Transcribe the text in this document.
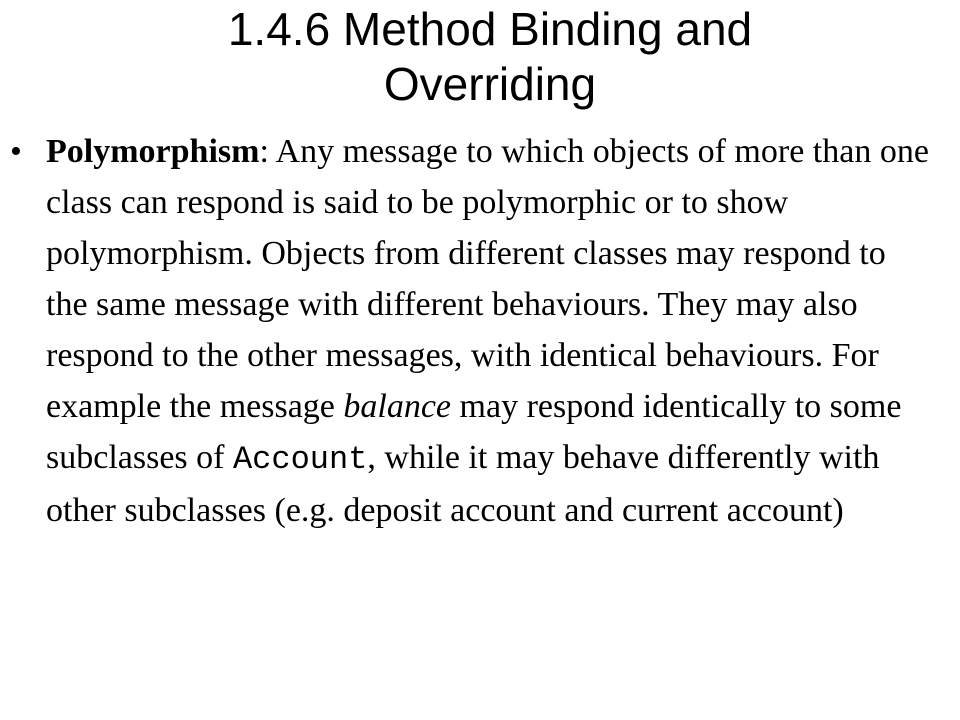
1.4.6 Method Binding and
Overriding
• Polymorphism: Any message to which objects of more than one class can respond is said to be polymorphic or to show polymorphism. Objects from different classes may respond to the same message with different behaviours. They may also respond to the other messages, with identical behaviours. For example the message balance may respond identically to some subclasses of Account, while it may behave differently with other subclasses (e.g. deposit account and current account)
